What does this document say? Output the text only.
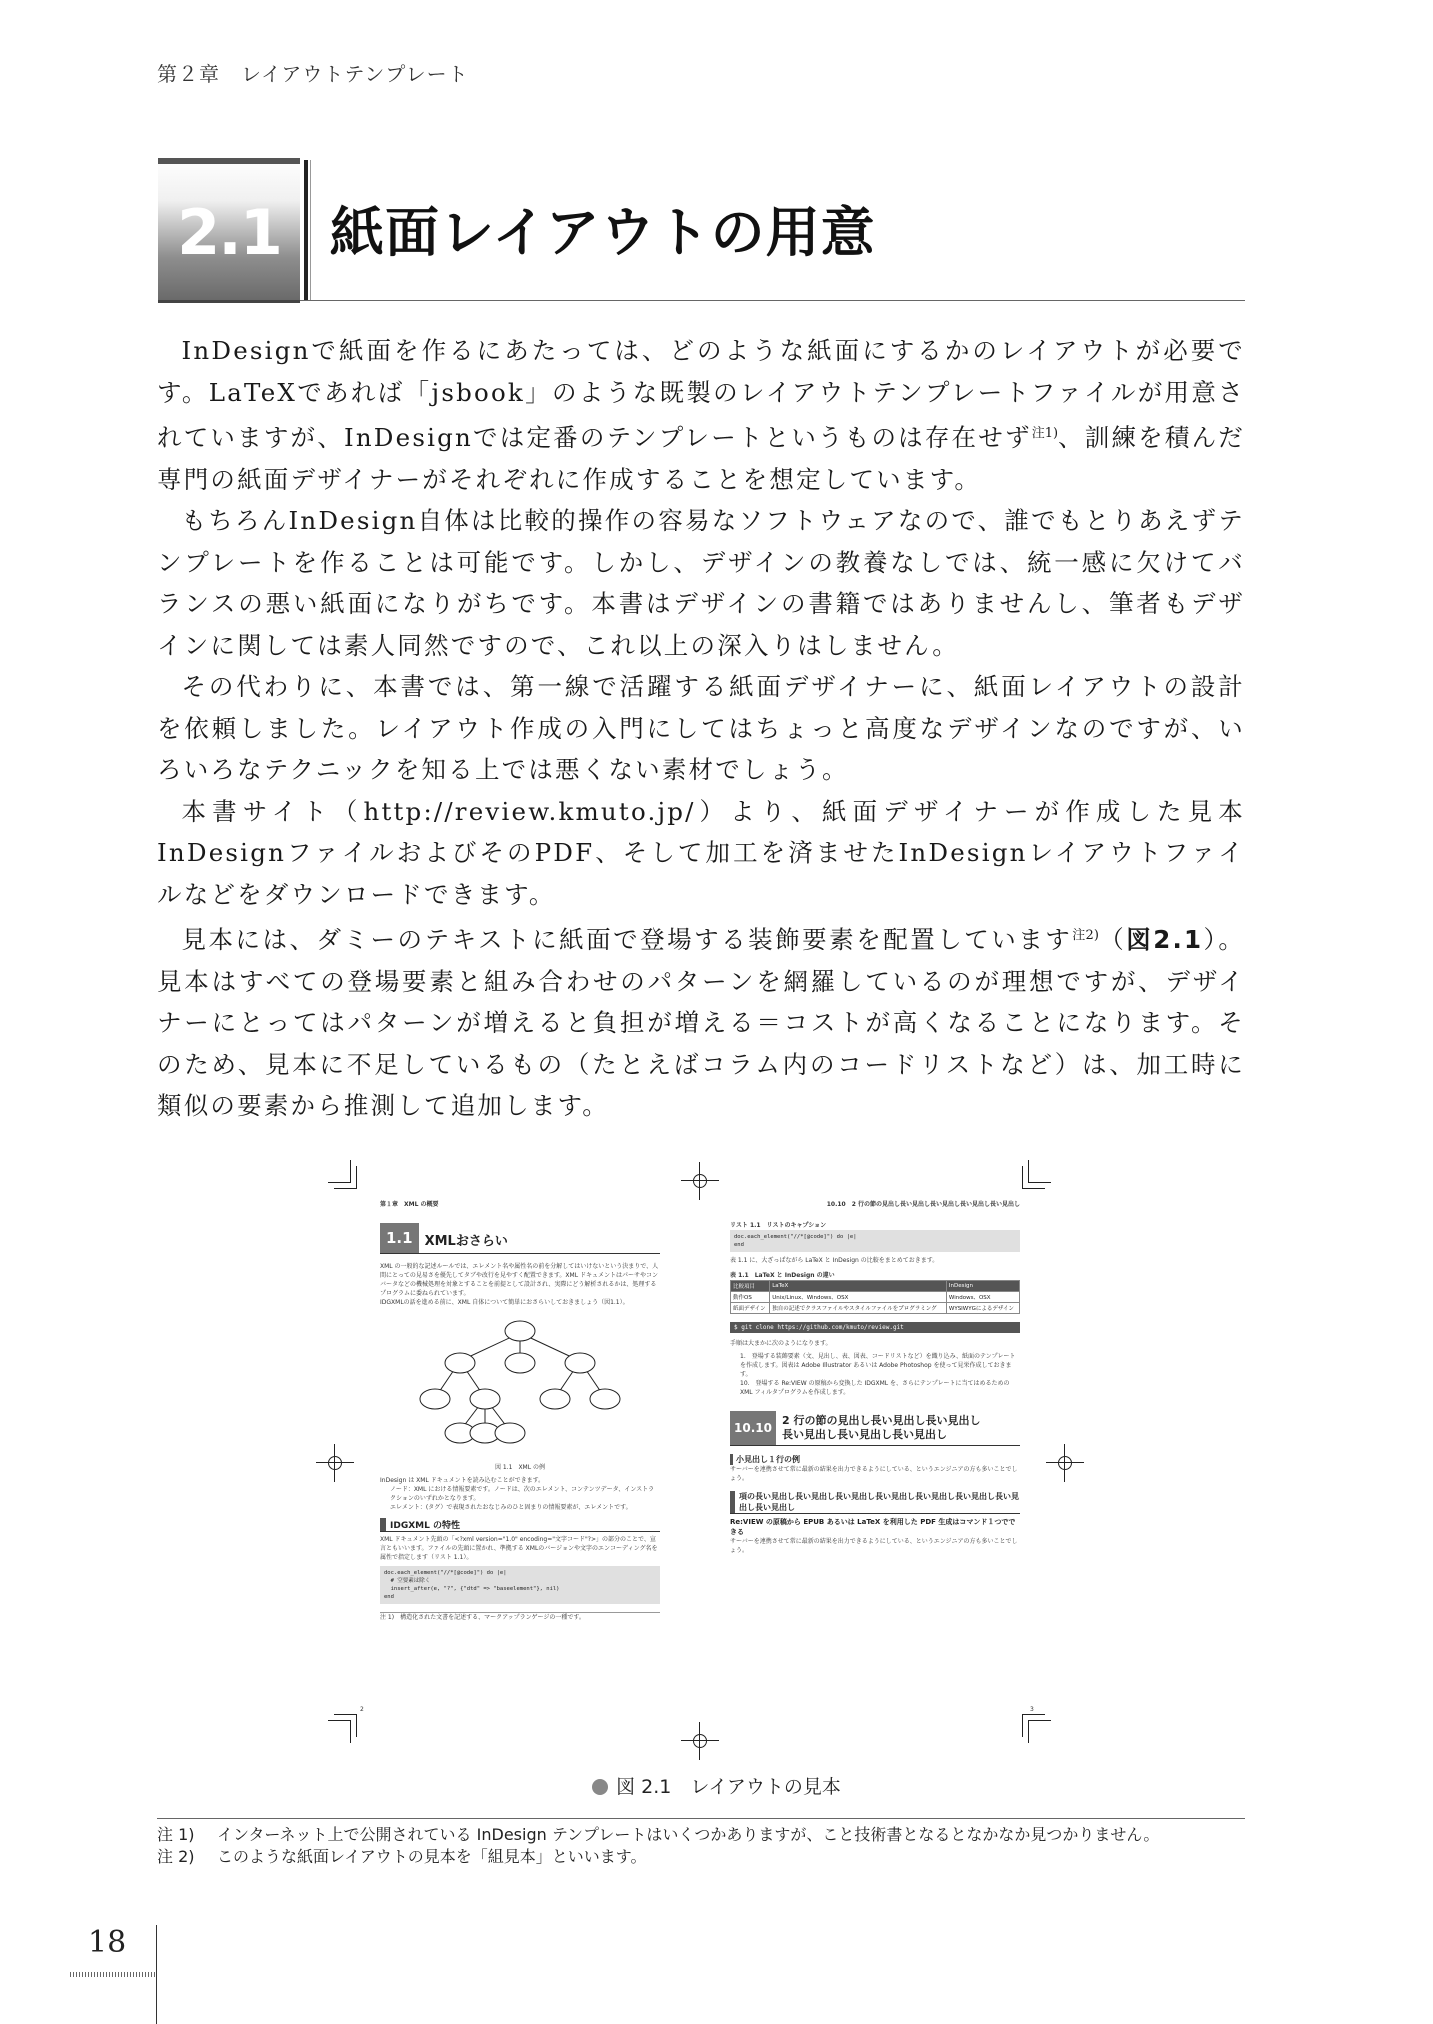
第２章　レイアウトテンプレート
2.1 紙面レイアウトの用意

InDesignで紙面を作るにあたっては、どのような紙面にするかのレイアウトが必要です。LaTeXであれば「jsbook」のような既製のレイアウトテンプレートファイルが用意されていますが、InDesignでは定番のテンプレートというものは存在せず$^{注1)}$、訓練を積んだ専門の紙面デザイナーがそれぞれに作成することを想定しています。

もちろんInDesign自体は比較的操作の容易なソフトウェアなので、誰でもとりあえずテンプレートを作ることは可能です。しかし、デザインの教養なしでは、統一感に欠けてバランスの悪い紙面になりがちです。本書はデザインの書籍ではありませんし、筆者もデザインに関しては素人同然ですので、これ以上の深入りはしません。

その代わりに、本書では、第一線で活躍する紙面デザイナーに、紙面レイアウトの設計を依頼しました。レイアウト作成の入門にしてはちょっと高度なデザインなのですが、いろいろなテクニックを知る上では悪くない素材でしょう。

本書サイト（http://review.kmuto.jp/）より、紙面デザイナーが作成した見本InDesignファイルおよびそのPDF、そして加工を済ませたInDesignレイアウトファイルなどをダウンロードできます。

見本には、ダミーのテキストに紙面で登場する装飾要素を配置しています$^{注2)}$（図2.1）。見本はすべての登場要素と組み合わせのパターンを網羅しているのが理想ですが、デザイナーにとってはパターンが増えると負担が増える＝コストが高くなることになります。そのため、見本に不足しているもの（たとえばコラム内のコードリストなど）は、加工時に類似の要素から推測して追加します。

第１章　XML の概要
1.1 XMLおさらい
XML の一般的な記述ルールでは、エレメント名や属性名の前を分解してはいけないという決まりで、人間にとっての見易さを優先してタブや改行を見やすく配置できます。XML ドキュメントはパーサやコンバータなどの機械処理を対象とすることを前提として設計され、実際にどう解析されるかは、処理するプログラムに委ねられています。
IDGXMLの話を進める前に、XML 自体について簡単におさらいしておきましょう（図1.1）。
図 1.1　XML の例
InDesign は XML ドキュメントを読み込むことができます。
ノード：XML における情報要素です。ノードは、次のエレメント、コンテンツデータ、インストラクションのいずれかとなります。
エレメント：(タグ）で表現されたおなじみのひと固まりの情報要素が、エレメントです。
IDGXML の特性
XML ドキュメント先頭の「<?xml version="1.0" encoding="文字コード"?>」の部分のことで、宣言ともいいます。ファイルの先頭に置かれ、準拠する XMLのバージョンや文字のエンコーディング名を属性で指定します（リスト 1.1）。
doc.each_element("//*[@code]") do |e|
# 空要素は除く
insert_after(e, "?", {"dtd" => "baseelement"}, nil)
end
注 1)　構造化された文書を記述する、マークアップランゲージの一種です。
2
10.10　2 行の節の見出し長い見出し長い見出し長い見出し長い見出し
リスト 1.1　リストのキャプション
doc.each_element("//*[@code]") do |e|
end
表 1.1 に、大ざっぱながら LaTeX と InDesign の比較をまとめておきます。
表 1.1　LaTeX と InDesign の違い
比較項目	LaTeX	InDesign
動作OS	Unix/Linux、Windows、OSX	Windows、OSX
紙面デザイン	独自の記述でクラスファイルやスタイルファイルをプログラミング	WYSIWYGによるデザイン
$ git clone https://github.com/kmuto/review.git
手順は大まかに次のようになります。
1.　登場する装飾要素（文、見出し、表、図表、コードリストなど）を織り込み、紙面のテンプレートを作成します。図表は Adobe Illustrator あるいは Adobe Photoshop を使って見栄作成しておきます。
10.　登場する Re:VIEW の原稿から変換した IDGXML を、さらにテンプレートに当てはめるための XML フィルタプログラムを作成します。
10.10
2 行の節の見出し長い見出し長い見出し 長い見出し長い見出し長い見出し
小見出し１行の例
サーバーを連携させて常に最新の結果を出力できるようにしている、というエンジニアの方も多いことでしょう。
項の長い見出し長い見出し長い見出し長い見出し長い見出し長い見出し長い見出し長い見出し
Re:VIEW の原稿から EPUB あるいは LaTeX を利用した PDF 生成はコマンド１つでできる
サーバーを連携させて常に最新の結果を出力できるようにしている、というエンジニアの方も多いことでしょう。
3
図 2.1　レイアウトの見本
注 1) インターネット上で公開されている InDesign テンプレートはいくつかありますが、こと技術書となるとなかなか見つかりません。
注 2) このような紙面レイアウトの見本を「組見本」といいます。
18
